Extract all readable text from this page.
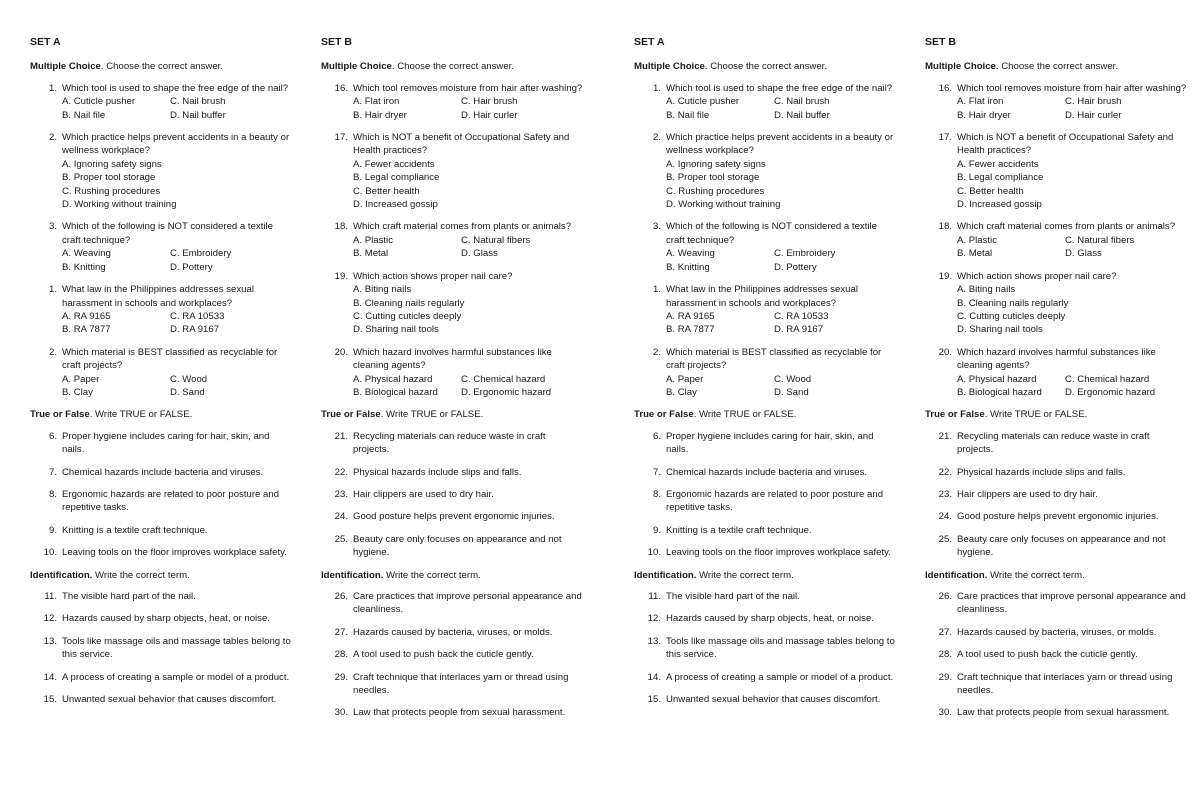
SET A
Multiple Choice. Choose the correct answer.
1. Which tool is used to shape the free edge of the nail?
A. Cuticle pusher	C. Nail brush
B. Nail file	D. Nail buffer
2. Which practice helps prevent accidents in a beauty or wellness workplace?
A. Ignoring safety signs
B. Proper tool storage
C. Rushing procedures
D. Working without training
3. Which of the following is NOT considered a textile craft technique?
A. Weaving	C. Embroidery
B. Knitting	D. Pottery
1. What law in the Philippines addresses sexual harassment in schools and workplaces?
A. RA 9165	C. RA 10533
B. RA 7877	D. RA 9167
2. Which material is BEST classified as recyclable for craft projects?
A. Paper	C. Wood
B. Clay	D. Sand
True or False. Write TRUE or FALSE.
6. Proper hygiene includes caring for hair, skin, and nails.
7. Chemical hazards include bacteria and viruses.
8. Ergonomic hazards are related to poor posture and repetitive tasks.
9. Knitting is a textile craft technique.
10. Leaving tools on the floor improves workplace safety.
Identification. Write the correct term.
11. The visible hard part of the nail.
12. Hazards caused by sharp objects, heat, or noise.
13. Tools like massage oils and massage tables belong to this service.
14. A process of creating a sample or model of a product.
15. Unwanted sexual behavior that causes discomfort.
SET B
Multiple Choice. Choose the correct answer.
16. Which tool removes moisture from hair after washing?
A. Flat iron	C. Hair brush
B. Hair dryer	D. Hair curler
17. Which is NOT a benefit of Occupational Safety and Health practices?
A. Fewer accidents
B. Legal compliance
C. Better health
D. Increased gossip
18. Which craft material comes from plants or animals?
A. Plastic	C. Natural fibers
B. Metal	D. Glass
19. Which action shows proper nail care?
A. Biting nails
B. Cleaning nails regularly
C. Cutting cuticles deeply
D. Sharing nail tools
20. Which hazard involves harmful substances like cleaning agents?
A. Physical hazard	C. Chemical hazard
B. Biological hazard	D. Ergonomic hazard
True or False. Write TRUE or FALSE.
21. Recycling materials can reduce waste in craft projects.
22. Physical hazards include slips and falls.
23. Hair clippers are used to dry hair.
24. Good posture helps prevent ergonomic injuries.
25. Beauty care only focuses on appearance and not hygiene.
Identification. Write the correct term.
26. Care practices that improve personal appearance and cleanliness.
27. Hazards caused by bacteria, viruses, or molds.
28. A tool used to push back the cuticle gently.
29. Craft technique that interlaces yarn or thread using needles.
30. Law that protects people from sexual harassment.
SET A
Multiple Choice. Choose the correct answer.
1. Which tool is used to shape the free edge of the nail?
A. Cuticle pusher	C. Nail brush
B. Nail file	D. Nail buffer
2. Which practice helps prevent accidents in a beauty or wellness workplace?
A. Ignoring safety signs
B. Proper tool storage
C. Rushing procedures
D. Working without training
3. Which of the following is NOT considered a textile craft technique?
A. Weaving	C. Embroidery
B. Knitting	D. Pottery
1. What law in the Philippines addresses sexual harassment in schools and workplaces?
A. RA 9165	C. RA 10533
B. RA 7877	D. RA 9167
2. Which material is BEST classified as recyclable for craft projects?
A. Paper	C. Wood
B. Clay	D. Sand
True or False. Write TRUE or FALSE.
6. Proper hygiene includes caring for hair, skin, and nails.
7. Chemical hazards include bacteria and viruses.
8. Ergonomic hazards are related to poor posture and repetitive tasks.
9. Knitting is a textile craft technique.
10. Leaving tools on the floor improves workplace safety.
Identification. Write the correct term.
11. The visible hard part of the nail.
12. Hazards caused by sharp objects, heat, or noise.
13. Tools like massage oils and massage tables belong to this service.
14. A process of creating a sample or model of a product.
15. Unwanted sexual behavior that causes discomfort.
SET B
Multiple Choice. Choose the correct answer.
16. Which tool removes moisture from hair after washing?
A. Flat iron	C. Hair brush
B. Hair dryer	D. Hair curler
17. Which is NOT a benefit of Occupational Safety and Health practices?
A. Fewer accidents
B. Legal compliance
C. Better health
D. Increased gossip
18. Which craft material comes from plants or animals?
A. Plastic	C. Natural fibers
B. Metal	D. Glass
19. Which action shows proper nail care?
A. Biting nails
B. Cleaning nails regularly
C. Cutting cuticles deeply
D. Sharing nail tools
20. Which hazard involves harmful substances like cleaning agents?
A. Physical hazard	C. Chemical hazard
B. Biological hazard	D. Ergonomic hazard
True or False. Write TRUE or FALSE.
21. Recycling materials can reduce waste in craft projects.
22. Physical hazards include slips and falls.
23. Hair clippers are used to dry hair.
24. Good posture helps prevent ergonomic injuries.
25. Beauty care only focuses on appearance and not hygiene.
Identification. Write the correct term.
26. Care practices that improve personal appearance and cleanliness.
27. Hazards caused by bacteria, viruses, or molds.
28. A tool used to push back the cuticle gently.
29. Craft technique that interlaces yarn or thread using needles.
30. Law that protects people from sexual harassment.
